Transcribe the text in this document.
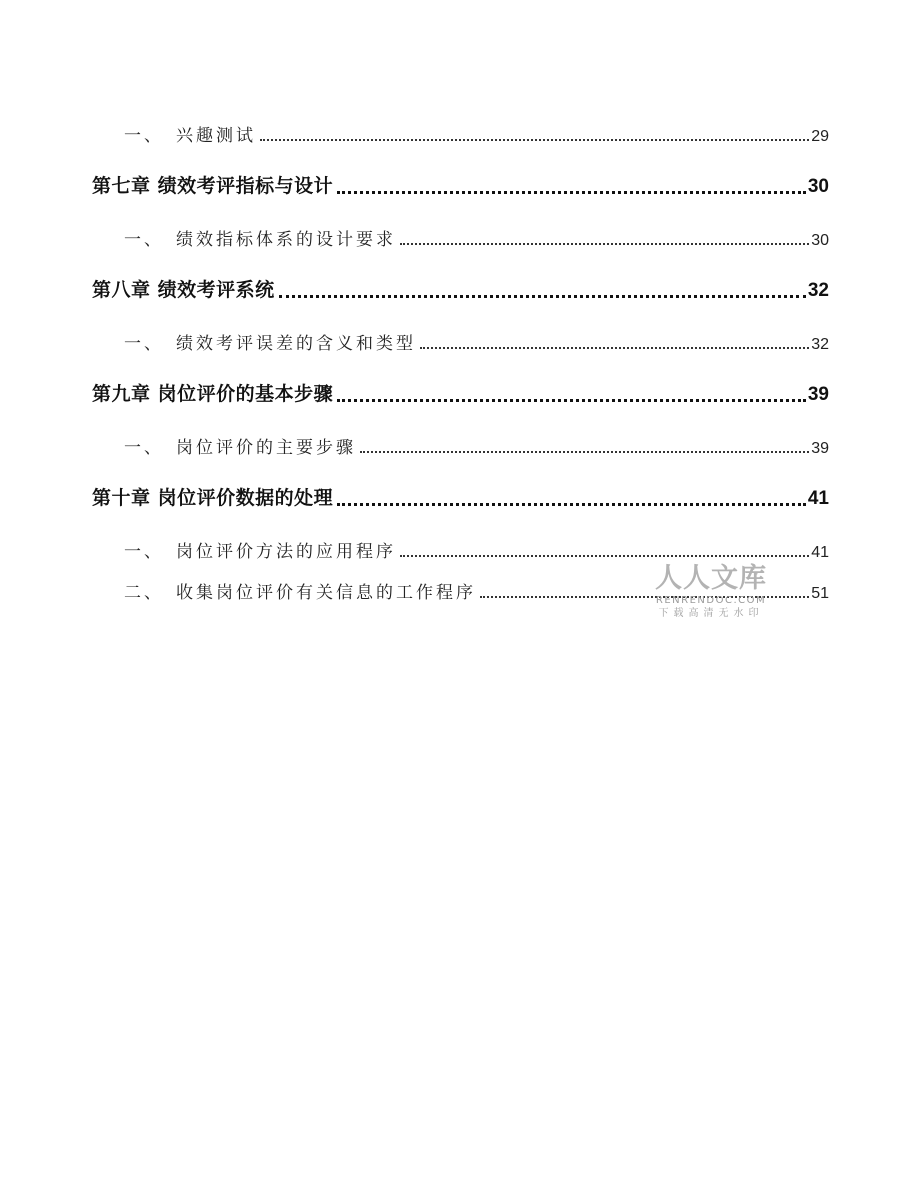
一、 兴趣测试	29
第七章 绩效考评指标与设计	30
一、 绩效指标体系的设计要求	30
第八章 绩效考评系统	32
一、 绩效考评误差的含义和类型	32
第九章 岗位评价的基本步骤	39
一、 岗位评价的主要步骤	39
第十章 岗位评价数据的处理	41
一、 岗位评价方法的应用程序	41
二、 收集岗位评价有关信息的工作程序	51
人人文库
RENRENDOC.COM
下载高清无水印
